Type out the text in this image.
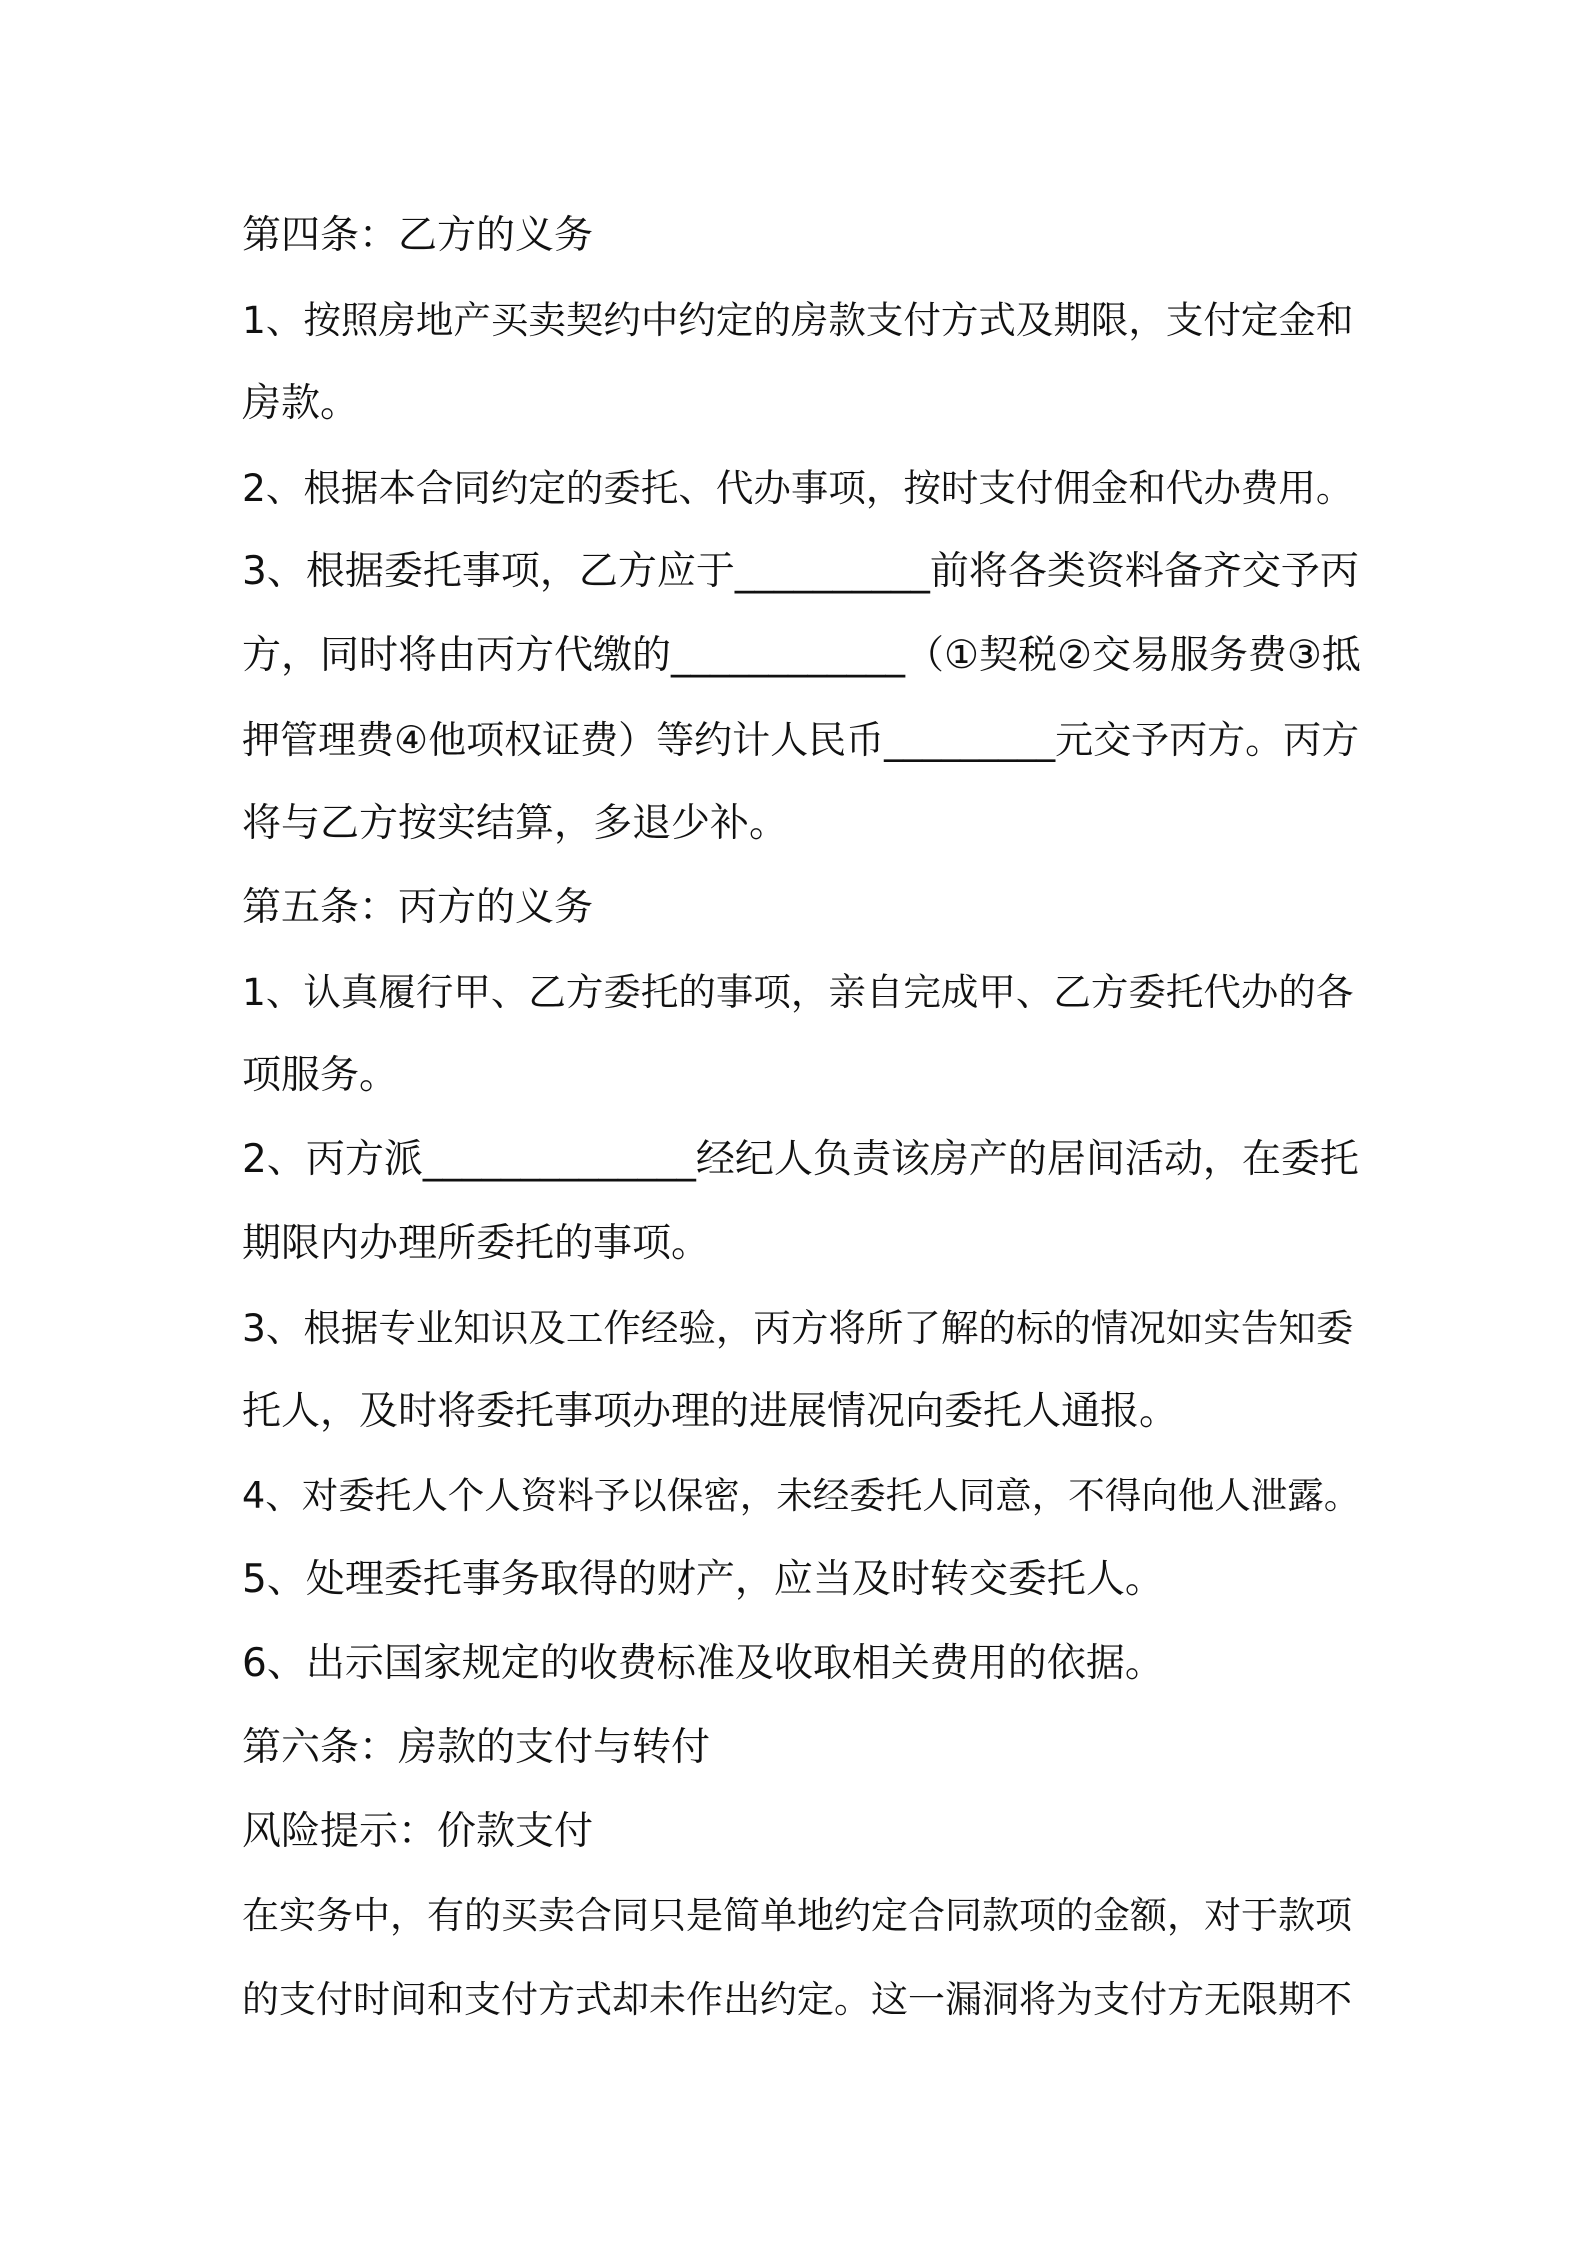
第四条：乙方的义务
1、按照房地产买卖契约中约定的房款支付方式及期限，支付定金和
房款。
2、根据本合同约定的委托、代办事项，按时支付佣金和代办费用。
3、根据委托事项，乙方应于__________前将各类资料备齐交予丙
方，同时将由丙方代缴的____________（①契税②交易服务费③抵
押管理费④他项权证费）等约计人民币_________元交予丙方。丙方
将与乙方按实结算，多退少补。
第五条：丙方的义务
1、认真履行甲、乙方委托的事项，亲自完成甲、乙方委托代办的各
项服务。
2、丙方派______________经纪人负责该房产的居间活动，在委托
期限内办理所委托的事项。
3、根据专业知识及工作经验，丙方将所了解的标的情况如实告知委
托人，及时将委托事项办理的进展情况向委托人通报。
4、对委托人个人资料予以保密，未经委托人同意，不得向他人泄露。
5、处理委托事务取得的财产，应当及时转交委托人。
6、出示国家规定的收费标准及收取相关费用的依据。
第六条：房款的支付与转付
风险提示：价款支付
在实务中，有的买卖合同只是简单地约定合同款项的金额，对于款项
的支付时间和支付方式却未作出约定。这一漏洞将为支付方无限期不
